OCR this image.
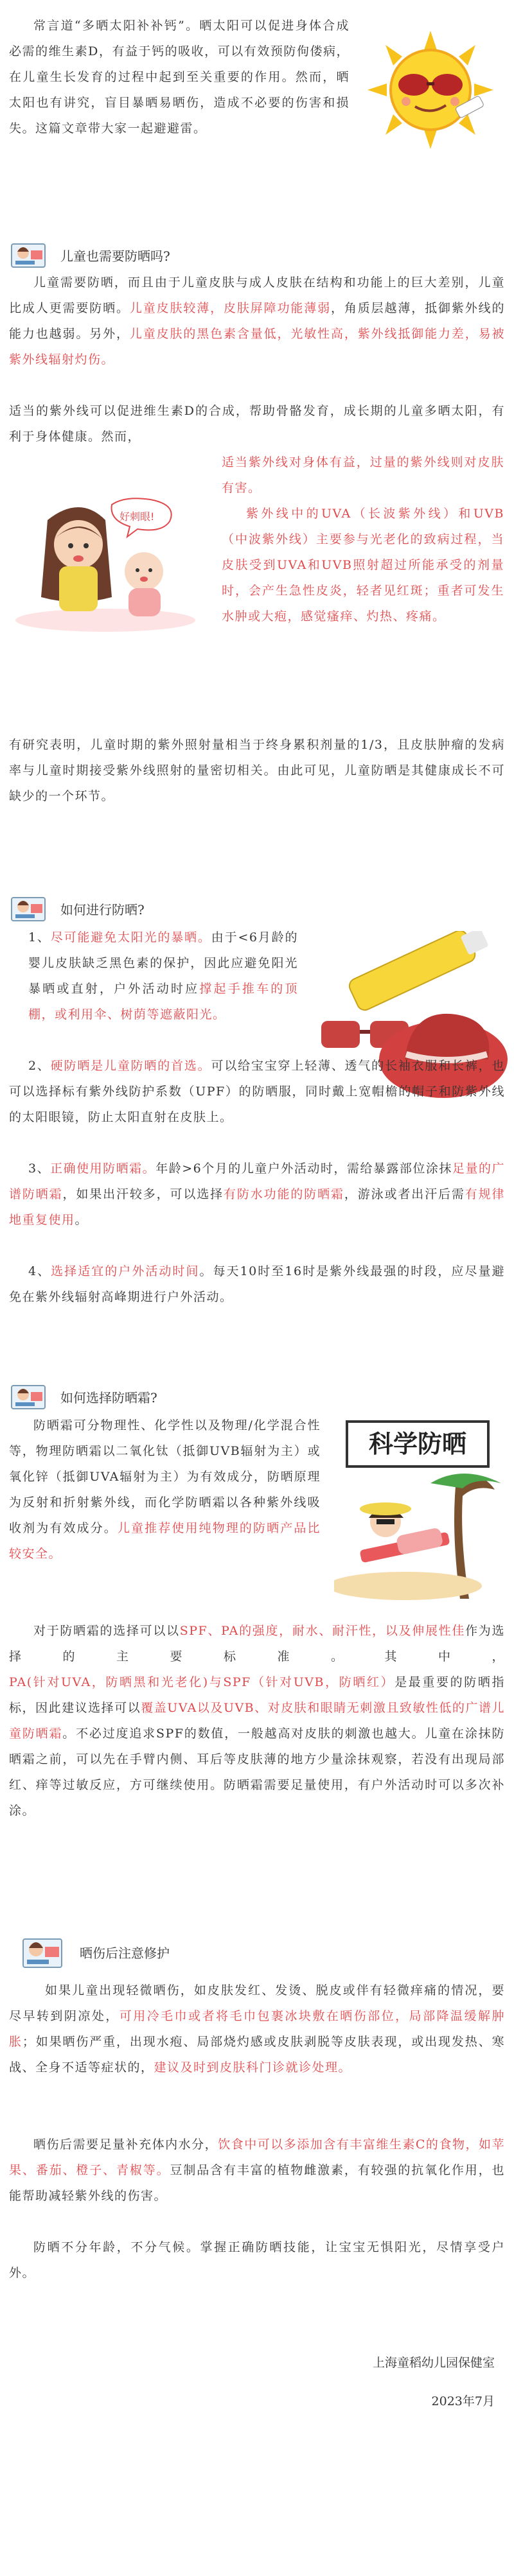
常言道“多晒太阳补补钙”。晒太阳可以促进身体合成必需的维生素D，有益于钙的吸收，可以有效预防佝偻病，在儿童生长发育的过程中起到至关重要的作用。然而，晒太阳也有讲究，盲目暴晒易晒伤，造成不必要的伤害和损失。这篇文章带大家一起避避雷。
儿童也需要防晒吗?
儿童需要防晒，而且由于儿童皮肤与成人皮肤在结构和功能上的巨大差别，儿童比成人更需要防晒。儿童皮肤较薄，皮肤屏障功能薄弱，角质层越薄，抵御紫外线的能力也越弱。另外，儿童皮肤的黑色素含量低，光敏性高，紫外线抵御能力差，易被紫外线辐射灼伤。
适当的紫外线可以促进维生素D的合成，帮助骨骼发育，成长期的儿童多晒太阳，有利于身体健康。然而，
适当紫外线对身体有益，过量的紫外线则对皮肤有害。
好刺眼!	紫外线中的UVA（长波紫外线）和UVB（中波紫外线）主要参与光老化的致病过程，当皮肤受到UVA和UVB照射超过所能承受的剂量时，会产生急性皮炎，轻者见红斑；重者可发生水肿或大疱，感觉瘙痒、灼热、疼痛。
有研究表明，儿童时期的紫外照射量相当于终身累积剂量的1/3，且皮肤肿瘤的发病率与儿童时期接受紫外线照射的量密切相关。由此可见，儿童防晒是其健康成长不可缺少的一个环节。
如何进行防晒?
1、尽可能避免太阳光的暴晒。由于<6月龄的婴儿皮肤缺乏黑色素的保护，因此应避免阳光暴晒或直射，户外活动时应撑起手推车的顶棚，或利用伞、树荫等遮蔽阳光。
2、硬防晒是儿童防晒的首选。可以给宝宝穿上轻薄、透气的长袖衣服和长裤，也可以选择标有紫外线防护系数（UPF）的防晒服，同时戴上宽帽檐的帽子和防紫外线的太阳眼镜，防止太阳直射在皮肤上。
3、正确使用防晒霜。年龄>6个月的儿童户外活动时，需给暴露部位涂抹足量的广谱防晒霜，如果出汗较多，可以选择有防水功能的防晒霜，游泳或者出汗后需有规律地重复使用。
4、选择适宜的户外活动时间。每天10时至16时是紫外线最强的时段，应尽量避免在紫外线辐射高峰期进行户外活动。
如何选择防晒霜?
防晒霜可分物理性、化学性以及物理/化学混合性等，物理防晒霜以二氧化钛（抵御UVB辐射为主）或氧化锌（抵御UVA辐射为主）为有效成分，防晒原理为反射和折射紫外线，而化学防晒霜以各种紫外线吸收剂为有效成分。儿童推荐使用纯物理的防晒产品比较安全。
科学防晒
对于防晒霜的选择可以以SPF、PA的强度，耐水、耐汗性，以及伸展性佳作为选择的主要标准。其中，PA(针对UVA，防晒黑和光老化)与SPF（针对UVB，防晒红）是最重要的防晒指标，因此建议选择可以覆盖UVA以及UVB、对皮肤和眼睛无刺激且致敏性低的广谱儿童防晒霜。不必过度追求SPF的数值，一般越高对皮肤的刺激也越大。儿童在涂抹防晒霜之前，可以先在手臂内侧、耳后等皮肤薄的地方少量涂抹观察，若没有出现局部红、痒等过敏反应，方可继续使用。防晒霜需要足量使用，有户外活动时可以多次补涂。
晒伤后注意修护
如果儿童出现轻微晒伤，如皮肤发红、发烫、脱皮或伴有轻微痒痛的情况，要尽早转到阴凉处，可用冷毛巾或者将毛巾包裹冰块敷在晒伤部位，局部降温缓解肿胀；如果晒伤严重，出现水疱、局部烧灼感或皮肤剥脱等皮肤表现，或出现发热、寒战、全身不适等症状的，建议及时到皮肤科门诊就诊处理。
晒伤后需要足量补充体内水分，饮食中可以多添加含有丰富维生素C的食物，如苹果、番茄、橙子、青椒等。豆制品含有丰富的植物雌激素，有较强的抗氧化作用，也能帮助减轻紫外线的伤害。
防晒不分年龄，不分气候。掌握正确防晒技能，让宝宝无惧阳光，尽情享受户外。
上海童稻幼儿园保健室
2023年7月
